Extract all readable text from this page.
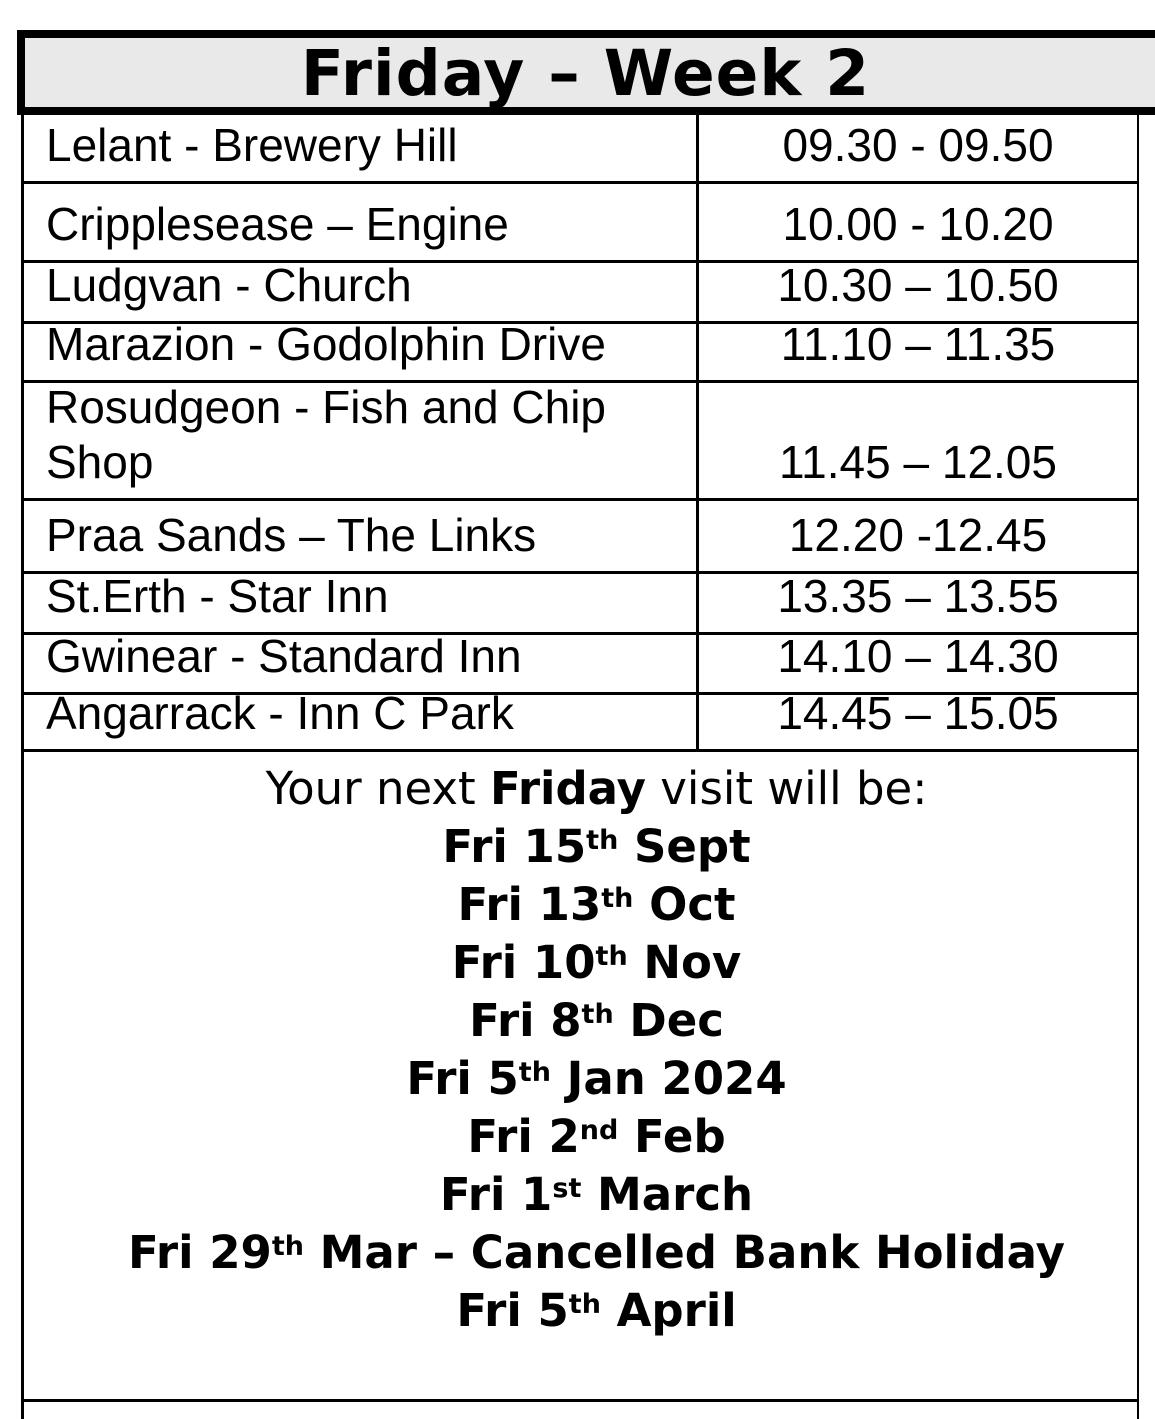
Friday – Week 2
Lelant - Brewery Hill	09.30 - 09.50
Cripplesease – Engine	10.00 - 10.20
Ludgvan - Church	10.30 – 10.50
Marazion - Godolphin Drive	11.10 – 11.35
Rosudgeon - Fish and Chip Shop	11.45 – 12.05
Praa Sands – The Links	12.20 -12.45
St.Erth - Star Inn	13.35 – 13.55
Gwinear - Standard Inn	14.10 – 14.30
Angarrack - Inn C Park	14.45 – 15.05
Your next Friday visit will be:
Fri 15th Sept
Fri 13th Oct
Fri 10th Nov
Fri 8th Dec
Fri 5th Jan 2024
Fri 2nd Feb
Fri 1st March
Fri 29th Mar – Cancelled Bank Holiday
Fri 5th April
